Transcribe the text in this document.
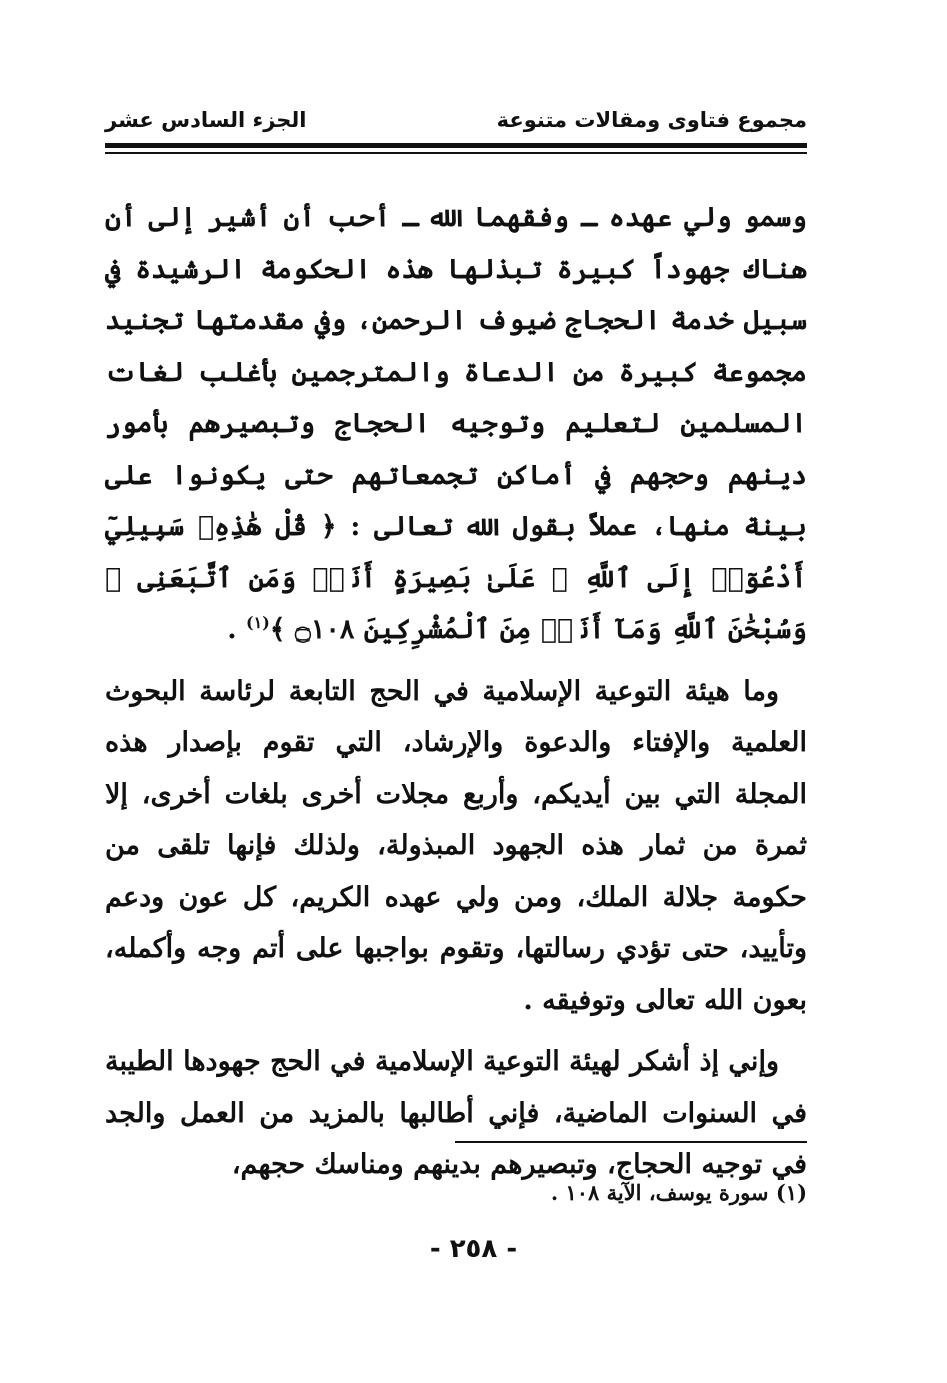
مجموع فتاوى ومقالات متنوعة
الجزء السادس عشر

وسمو ولي عهده ـ وفقهما الله ـ أحب أن أشير إلى أن هناك جهوداً كبيرة تبذلها هذه الحكومة الرشيدة في سبيل خدمة الحجاج ضيوف الرحمن، وفي مقدمتها تجنيد مجموعة كبيرة من الدعاة والمترجمين بأغلب لغات المسلمين لتعليم وتوجيه الحجاج وتبصيرهم بأمور دينهم وحجهم في أماكن تجمعاتهم حتى يكونوا على بينة منها، عملاً بقول الله تعالى : ﴿ قُلْ هَٰذِهِۦ سَبِيلِيٓ أَدْعُوٓا۟ إِلَى ٱللَّهِ ۚ عَلَىٰ بَصِيرَةٍ أَنَا۠ وَمَنِ ٱتَّبَعَنِى ۖ وَسُبْحَٰنَ ٱللَّهِ وَمَآ أَنَا۠ مِنَ ٱلْمُشْرِكِينَ ۝١٠٨ ﴾$^{(١)}$ .

وما هيئة التوعية الإسلامية في الحج التابعة لرئاسة البحوث العلمية والإفتاء والدعوة والإرشاد، التي تقوم بإصدار هذه المجلة التي بين أيديكم، وأربع مجلات أخرى بلغات أخرى، إلا ثمرة من ثمار هذه الجهود المبذولة، ولذلك فإنها تلقى من حكومة جلالة الملك، ومن ولي عهده الكريم، كل عون ودعم وتأييد، حتى تؤدي رسالتها، وتقوم بواجبها على أتم وجه وأكمله، بعون الله تعالى وتوفيقه .

وإني إذ أشكر لهيئة التوعية الإسلامية في الحج جهودها الطيبة في السنوات الماضية، فإني أطالبها بالمزيد من العمل والجد في توجيه الحجاج، وتبصيرهم بدينهم ومناسك حجهم،

(١) سورة يوسف، الآية ١٠٨ .
- ٢٥٨ -
